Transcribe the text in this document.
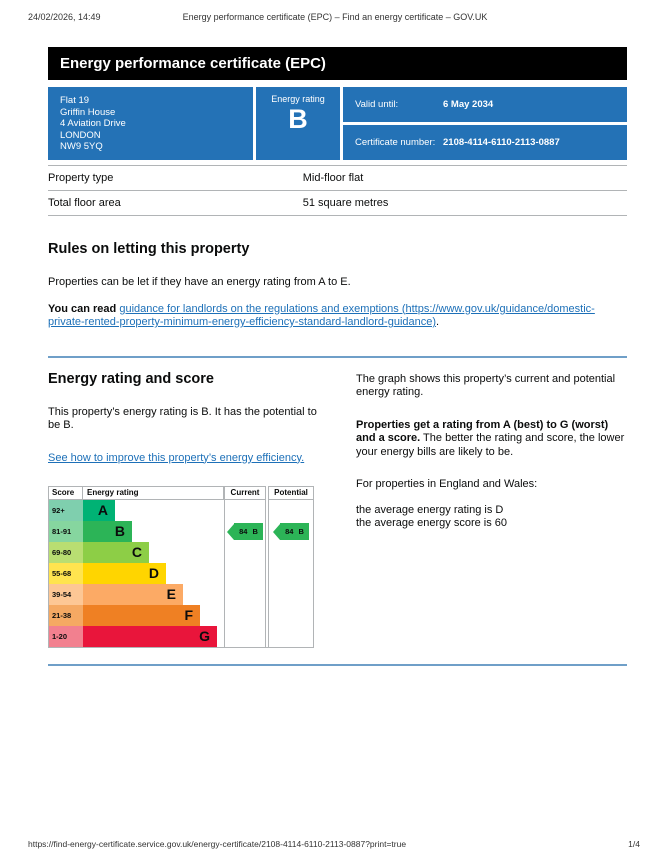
24/02/2026, 14:49	Energy performance certificate (EPC) – Find an energy certificate – GOV.UK
Energy performance certificate (EPC)
Flat 19
Griffin House
4 Aviation Drive
LONDON
NW9 5YQ
Energy rating
B	Valid until:	6 May 2034
Certificate number: 2108-4114-6110-2113-0887
Property type	Mid-floor flat
Total floor area	51 square metres
Rules on letting this property

Properties can be let if they have an energy rating from A to E.

You can read guidance for landlords on the regulations and exemptions (https://www.gov.uk/guidance/domestic-private-rented-property-minimum-energy-efficiency-standard-landlord-guidance).

Energy rating and score

This property’s energy rating is B. It has the potential to be B.

See how to improve this property’s energy efficiency.

Score	Energy rating	Current	Potential
92+	A
81-91	B	84 B	84 B
69-80	C
55-68	D
39-54	E
21-38	F
1-20	G

The graph shows this property’s current and potential energy rating.

Properties get a rating from A (best) to G (worst) and a score. The better the rating and score, the lower your energy bills are likely to be.

For properties in England and Wales:

the average energy rating is D
the average energy score is 60
https://find-energy-certificate.service.gov.uk/energy-certificate/2108-4114-6110-2113-0887?print=true	1/4
